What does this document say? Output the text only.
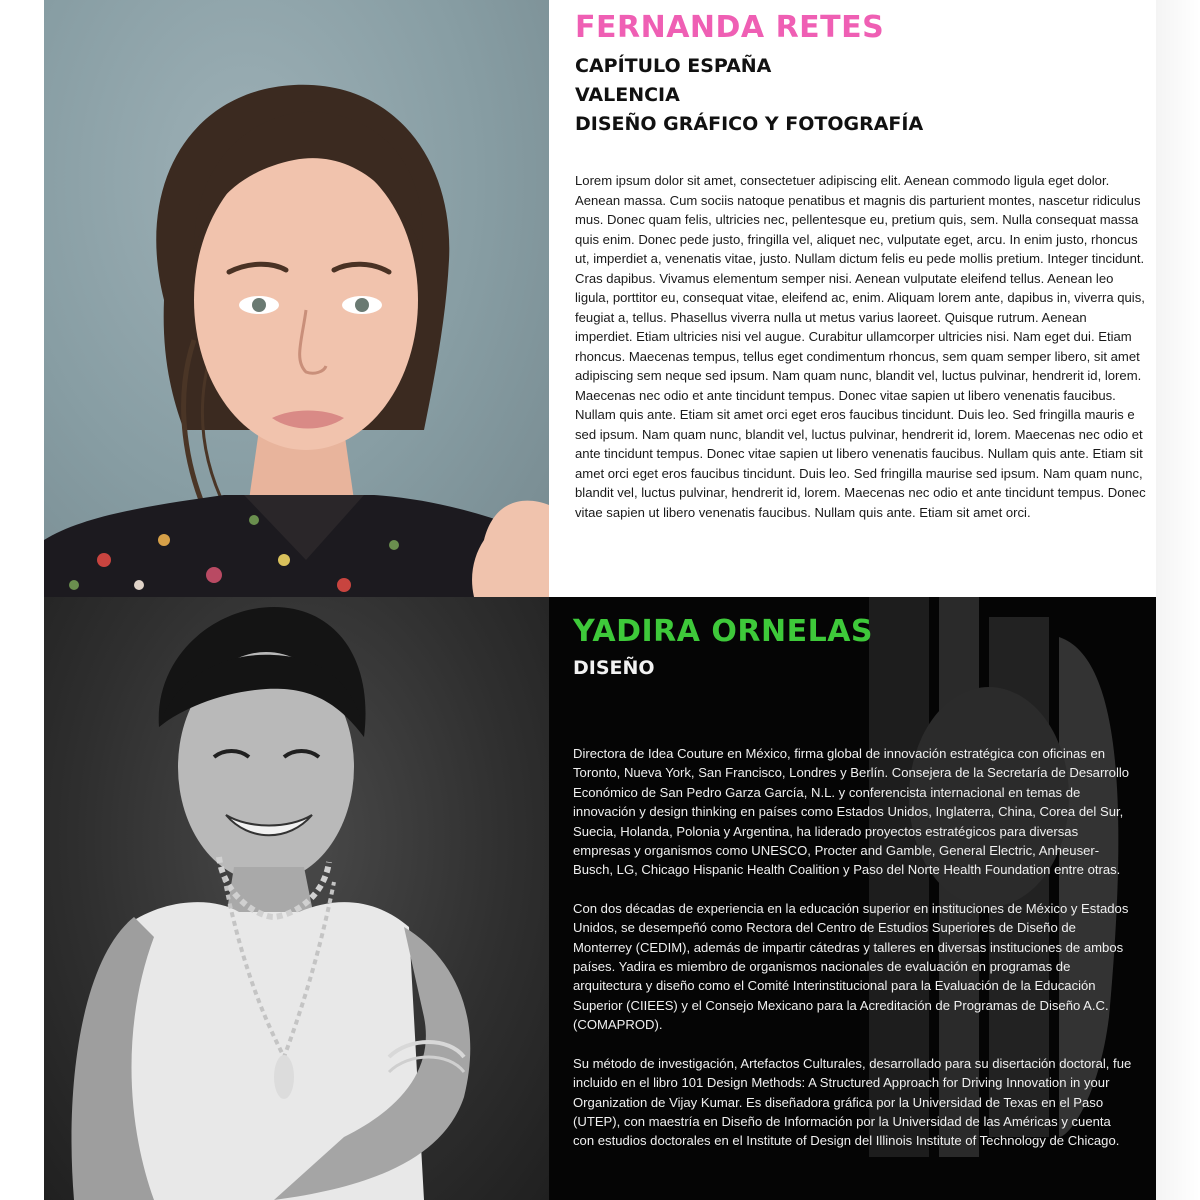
FERNANDA RETES
CAPÍTULO ESPAÑA
VALENCIA
DISEÑO GRÁFICO Y FOTOGRAFÍA
Lorem ipsum dolor sit amet, consectetuer adipiscing elit. Aenean commodo ligula eget dolor. Aenean massa. Cum sociis natoque penatibus et magnis dis parturient montes, nascetur ridiculus mus. Donec quam felis, ultricies nec, pellentesque eu, pretium quis, sem. Nulla consequat massa quis enim. Donec pede justo, fringilla vel, aliquet nec, vulputate eget, arcu. In enim justo, rhoncus ut, imperdiet a, venenatis vitae, justo. Nullam dictum felis eu pede mollis pretium. Integer tincidunt. Cras dapibus. Vivamus elementum semper nisi. Aenean vulputate eleifend tellus. Aenean leo ligula, porttitor eu, consequat vitae, eleifend ac, enim. Aliquam lorem ante, dapibus in, viverra quis, feugiat a, tellus. Phasellus viverra nulla ut metus varius laoreet. Quisque rutrum. Aenean imperdiet. Etiam ultricies nisi vel augue. Curabitur ullamcorper ultricies nisi. Nam eget dui. Etiam rhoncus. Maecenas tempus, tellus eget condimentum rhoncus, sem quam semper libero, sit amet adipiscing sem neque sed ipsum. Nam quam nunc, blandit vel, luctus pulvinar, hendrerit id, lorem. Maecenas nec odio et ante tincidunt tempus. Donec vitae sapien ut libero venenatis faucibus. Nullam quis ante. Etiam sit amet orci eget eros faucibus tincidunt. Duis leo. Sed fringilla mauris e sed ipsum. Nam quam nunc, blandit vel, luctus pulvinar, hendrerit id, lorem. Maecenas nec odio et ante tincidunt tempus. Donec vitae sapien ut libero venenatis faucibus. Nullam quis ante. Etiam sit amet orci eget eros faucibus tincidunt. Duis leo. Sed fringilla maurise sed ipsum. Nam quam nunc, blandit vel, luctus pulvinar, hendrerit id, lorem. Maecenas nec odio et ante tincidunt tempus. Donec vitae sapien ut libero venenatis faucibus. Nullam quis ante. Etiam sit amet orci.
YADIRA ORNELAS
DISEÑO

Directora de Idea Couture en México, firma global de innovación estratégica con oficinas en Toronto, Nueva York, San Francisco, Londres y Berlín. Consejera de la Secretaría de Desarrollo Económico de San Pedro Garza García, N.L. y conferencista internacional en temas de innovación y design thinking en países como Estados Unidos, Inglaterra, China, Corea del Sur, Suecia, Holanda, Polonia y Argentina, ha liderado proyectos estratégicos para diversas empresas y organismos como UNESCO, Procter and Gamble, General Electric, Anheuser-Busch, LG, Chicago Hispanic Health Coalition y Paso del Norte Health Foundation entre otras.

Con dos décadas de experiencia en la educación superior en instituciones de México y Estados Unidos, se desempeñó como Rectora del Centro de Estudios Superiores de Diseño de Monterrey (CEDIM), además de impartir cátedras y talleres en diversas instituciones de ambos países. Yadira es miembro de organismos nacionales de evaluación en programas de arquitectura y diseño como el Comité Interinstitucional para la Evaluación de la Educación Superior (CIIEES) y el Consejo Mexicano para la Acreditación de Programas de Diseño A.C. (COMAPROD).

Su método de investigación, Artefactos Culturales, desarrollado para su disertación doctoral, fue incluido en el libro 101 Design Methods: A Structured Approach for Driving Innovation in your Organization de Vijay Kumar. Es diseñadora gráfica por la Universidad de Texas en el Paso (UTEP), con maestría en Diseño de Información por la Universidad de las Américas y cuenta con estudios doctorales en el Institute of Design del Illinois Institute of Technology de Chicago.
